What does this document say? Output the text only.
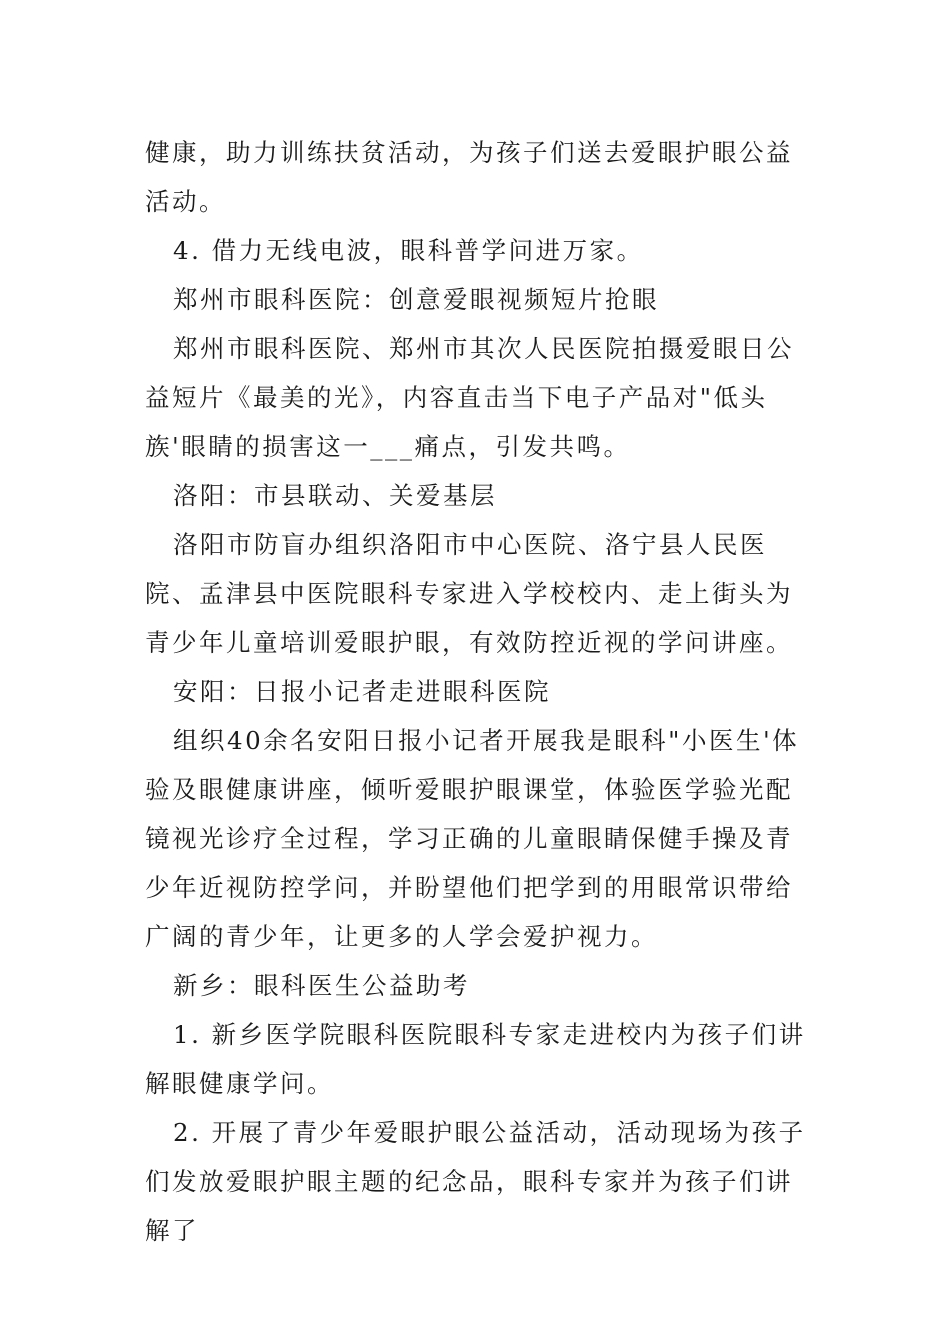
健康，助力训练扶贫活动，为孩子们送去爱眼护眼公益活动。

4. 借力无线电波，眼科普学问进万家。

郑州市眼科医院：创意爱眼视频短片抢眼

郑州市眼科医院、郑州市其次人民医院拍摄爱眼日公益短片《最美的光》，内容直击当下电子产品对"低头族'眼睛的损害这一___痛点，引发共鸣。

洛阳：市县联动、关爱基层

洛阳市防盲办组织洛阳市中心医院、洛宁县人民医院、孟津县中医院眼科专家进入学校校内、走上街头为青少年儿童培训爱眼护眼，有效防控近视的学问讲座。

安阳：日报小记者走进眼科医院

组织40余名安阳日报小记者开展我是眼科"小医生'体验及眼健康讲座，倾听爱眼护眼课堂，体验医学验光配镜视光诊疗全过程，学习正确的儿童眼睛保健手操及青少年近视防控学问，并盼望他们把学到的用眼常识带给广阔的青少年，让更多的人学会爱护视力。

新乡：眼科医生公益助考

1. 新乡医学院眼科医院眼科专家走进校内为孩子们讲解眼健康学问。

2. 开展了青少年爱眼护眼公益活动，活动现场为孩子们发放爱眼护眼主题的纪念品，眼科专家并为孩子们讲解了
